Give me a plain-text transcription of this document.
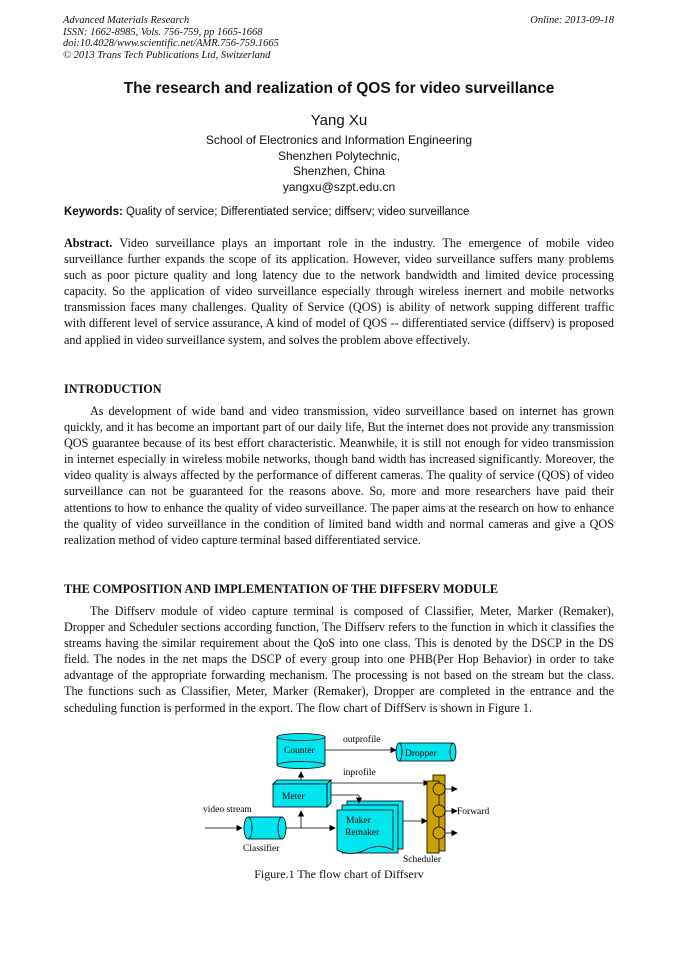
Advanced Materials Research
ISSN: 1662-8985, Vols. 756-759, pp 1665-1668
doi:10.4028/www.scientific.net/AMR.756-759.1665
© 2013 Trans Tech Publications Ltd, Switzerland
Online: 2013-09-18
The research and realization of QOS for video surveillance
Yang Xu
School of Electronics and Information Engineering
Shenzhen Polytechnic,
Shenzhen, China
yangxu@szpt.edu.cn
Keywords: Quality of service; Differentiated service; diffserv; video surveillance

Abstract. Video surveillance plays an important role in the industry. The emergence of mobile video surveillance further expands the scope of its application. However, video surveillance suffers many problems such as poor picture quality and long latency due to the network bandwidth and limited device processing capacity. So the application of video surveillance especially through wireless inernert and mobile networks transmission faces many challenges. Quality of Service (QOS) is ability of network supping different traffic with different level of service assurance, A kind of model of QOS -- differentiated service (diffserv) is proposed and applied in video surveillance system, and solves the problem above effectively.

INTRODUCTION

As development of wide band and video transmission, video surveillance based on internet has grown quickly, and it has become an important part of our daily life, But the internet does not provide any transmission QOS guarantee because of its best effort characteristic. Meanwhile, it is still not enough for video transmission in internet especially in wireless mobile networks, though band width has increased significantly. Moreover, the video quality is always affected by the performance of different cameras. The quality of service (QOS) of video surveillance can not be guaranteed for the reasons above. So, more and more researchers have paid their attentions to how to enhance the quality of video surveillance. The paper aims at the research on how to enhance the quality of video surveillance in the condition of limited band width and normal cameras and give a QOS realization method of video capture terminal based differentiated service.

THE COMPOSITION AND IMPLEMENTATION OF THE DIFFSERV MODULE

The Diffserv module of video capture terminal is composed of Classifier, Meter, Marker (Remaker), Dropper and Scheduler sections according function, The Diffserv refers to the function in which it classifies the streams having the similar requirement about the QoS into one class. This is denoted by the DSCP in the DS field. The nodes in the net maps the DSCP of every group into one PHB(Per Hop Behavior) in order to take advantage of the appropriate forwarding mechanism. The processing is not based on the stream but the class. The functions such as Classifier, Meter, Marker (Remaker), Dropper are completed in the entrance and the scheduling function is performed in the export. The flow chart of DiffServ is shown in Figure 1.

Counter
outprofile
Dropper
inprofile
Meter
video stream
Classifier
Maker
Remaker
Forward
Scheduler
Figure.1 The flow chart of Diffserv
